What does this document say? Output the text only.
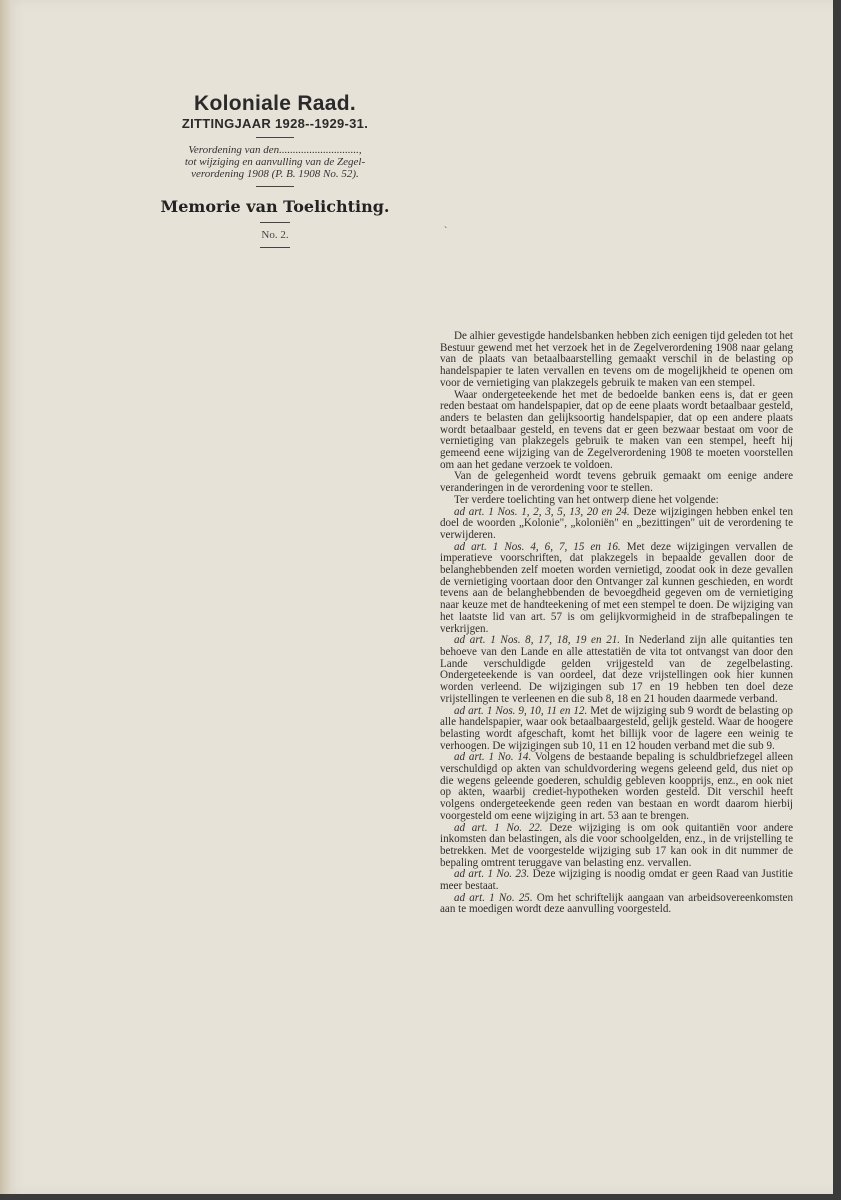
Koloniale Raad.
ZITTINGJAAR 1928--1929-31.
Verordening van den.............................,
tot wijziging en aanvulling van de Zegel-
verordening 1908 (P. B. 1908 No. 52).
Memorie van Toelichting.
No. 2.	`

De alhier gevestigde handelsbanken hebben zich eenigen tijd geleden tot het Bestuur gewend met het verzoek het in de Zegelverordening 1908 naar gelang van de plaats van betaalbaarstelling gemaakt verschil in de belasting op handelspapier te laten vervallen en tevens om de mogelijkheid te openen om voor de vernietiging van plakzegels gebruik te maken van een stempel.

Waar ondergeteekende het met de bedoelde banken eens is, dat er geen reden bestaat om handelspapier, dat op de eene plaats wordt betaalbaar gesteld, anders te belasten dan gelijksoortig handelspapier, dat op een andere plaats wordt betaalbaar gesteld, en tevens dat er geen bezwaar bestaat om voor de vernietiging van plakzegels gebruik te maken van een stempel, heeft hij gemeend eene wijziging van de Zegelverordening 1908 te moeten voorstellen om aan het gedane verzoek te voldoen.

Van de gelegenheid wordt tevens gebruik gemaakt om eenige andere veranderingen in de verordening voor te stellen.

Ter verdere toelichting van het ontwerp diene het volgende:

ad art. 1 Nos. 1, 2, 3, 5, 13, 20 en 24. Deze wijzigingen hebben enkel ten doel de woorden „Kolonie", „koloniën" en „bezittingen" uit de verordening te verwijderen.

ad art. 1 Nos. 4, 6, 7, 15 en 16. Met deze wijzigingen vervallen de imperatieve voorschriften, dat plakzegels in bepaalde gevallen door de belanghebbenden zelf moeten worden vernietigd, zoodat ook in deze gevallen de vernietiging voortaan door den Ontvanger zal kunnen geschieden, en wordt tevens aan de belanghebbenden de bevoegdheid gegeven om de vernietiging naar keuze met de handteekening of met een stempel te doen. De wijziging van het laatste lid van art. 57 is om gelijkvormigheid in de strafbepalingen te verkrijgen.

ad art. 1 Nos. 8, 17, 18, 19 en 21. In Nederland zijn alle quitanties ten behoeve van den Lande en alle attestatiën de vita tot ontvangst van door den Lande verschuldigde gelden vrijgesteld van de zegelbelasting. Ondergeteekende is van oordeel, dat deze vrijstellingen ook hier kunnen worden verleend. De wijzigingen sub 17 en 19 hebben ten doel deze vrijstellingen te verleenen en die sub 8, 18 en 21 houden daarmede verband.

ad art. 1 Nos. 9, 10, 11 en 12. Met de wijziging sub 9 wordt de belasting op alle handelspapier, waar ook betaalbaargesteld, gelijk gesteld. Waar de hoogere belasting wordt afgeschaft, komt het billijk voor de lagere een weinig te verhoogen. De wijzigingen sub 10, 11 en 12 houden verband met die sub 9.

ad art. 1 No. 14. Volgens de bestaande bepaling is schuldbriefzegel alleen verschuldigd op akten van schuldvordering wegens geleend geld, dus niet op die wegens geleende goederen, schuldig gebleven koopprijs, enz., en ook niet op akten, waarbij crediet-hypotheken worden gesteld. Dit verschil heeft volgens ondergeteekende geen reden van bestaan en wordt daarom hierbij voorgesteld om eene wijziging in art. 53 aan te brengen.

ad art. 1 No. 22. Deze wijziging is om ook quitantiën voor andere inkomsten dan belastingen, als die voor schoolgelden, enz., in de vrijstelling te betrekken. Met de voorgestelde wijziging sub 17 kan ook in dit nummer de bepaling omtrent teruggave van belasting enz. vervallen.

ad art. 1 No. 23. Deze wijziging is noodig omdat er geen Raad van Justitie meer bestaat.

ad art. 1 No. 25. Om het schriftelijk aangaan van arbeidsovereenkomsten aan te moedigen wordt deze aanvulling voorgesteld.
